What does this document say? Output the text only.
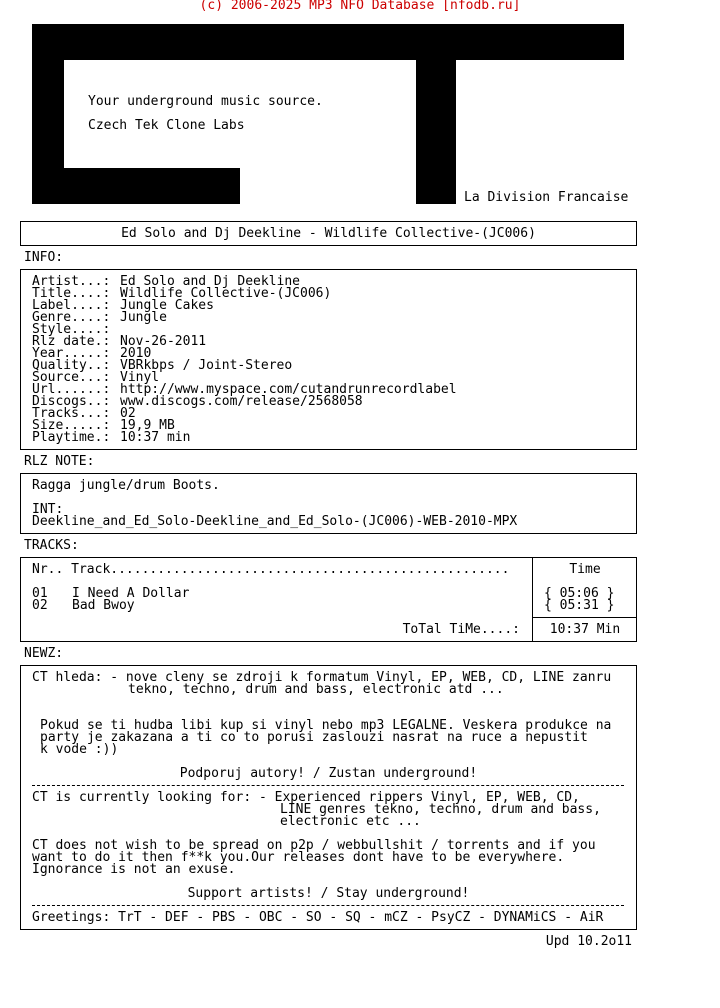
(c) 2006-2025 MP3 NFO Database [nfodb.ru]
Your underground music source.
Czech Tek Clone Labs
La Division Francaise
Ed Solo and Dj Deekline - Wildlife Collective-(JC006)
INFO:
Artist...: Ed Solo and Dj Deekline
Title....: Wildlife Collective-(JC006)
Label....: Jungle Cakes
Genre....: Jungle
Style....:
Rlz date.: Nov-26-2011
Year.....: 2010
Quality..: VBRkbps / Joint-Stereo
Source...: Vinyl
Url......: http://www.myspace.com/cutandrunrecordlabel
Discogs..: www.discogs.com/release/2568058
Tracks...: 02
Size.....: 19,9 MB
Playtime.: 10:37 min
RLZ NOTE:
Ragga jungle/drum Boots.
INT:
Deekline_and_Ed_Solo-Deekline_and_Ed_Solo-(JC006)-WEB-2010-MPX
TRACKS:
Nr.. Track...................................................	Time
01 I Need A Dollar	{ 05:06 }
02 Bad Bwoy	{ 05:31 }
ToTal TiMe....:	10:37 Min
NEWZ:
CT hleda: - nove cleny se zdroji k formatum Vinyl, EP, WEB, CD, LINE zanru
tekno, techno, drum and bass, electronic atd ...
Pokud se ti hudba libi kup si vinyl nebo mp3 LEGALNE. Veskera produkce na
party je zakazana a ti co to porusi zaslouzi nasrat na ruce a nepustit
k vode :))
Podporuj autory! / Zustan underground!
CT is currently looking for: - Experienced rippers Vinyl, EP, WEB, CD,
LINE genres tekno, techno, drum and bass,
electronic etc ...
CT does not wish to be spread on p2p / webbullshit / torrents and if you
want to do it then f**k you.Our releases dont have to be everywhere.
Ignorance is not an exuse.
Support artists! / Stay underground!
Greetings: TrT - DEF - PBS - OBC - SO - SQ - mCZ - PsyCZ - DYNAMiCS - AiR
Upd 10.2o11
